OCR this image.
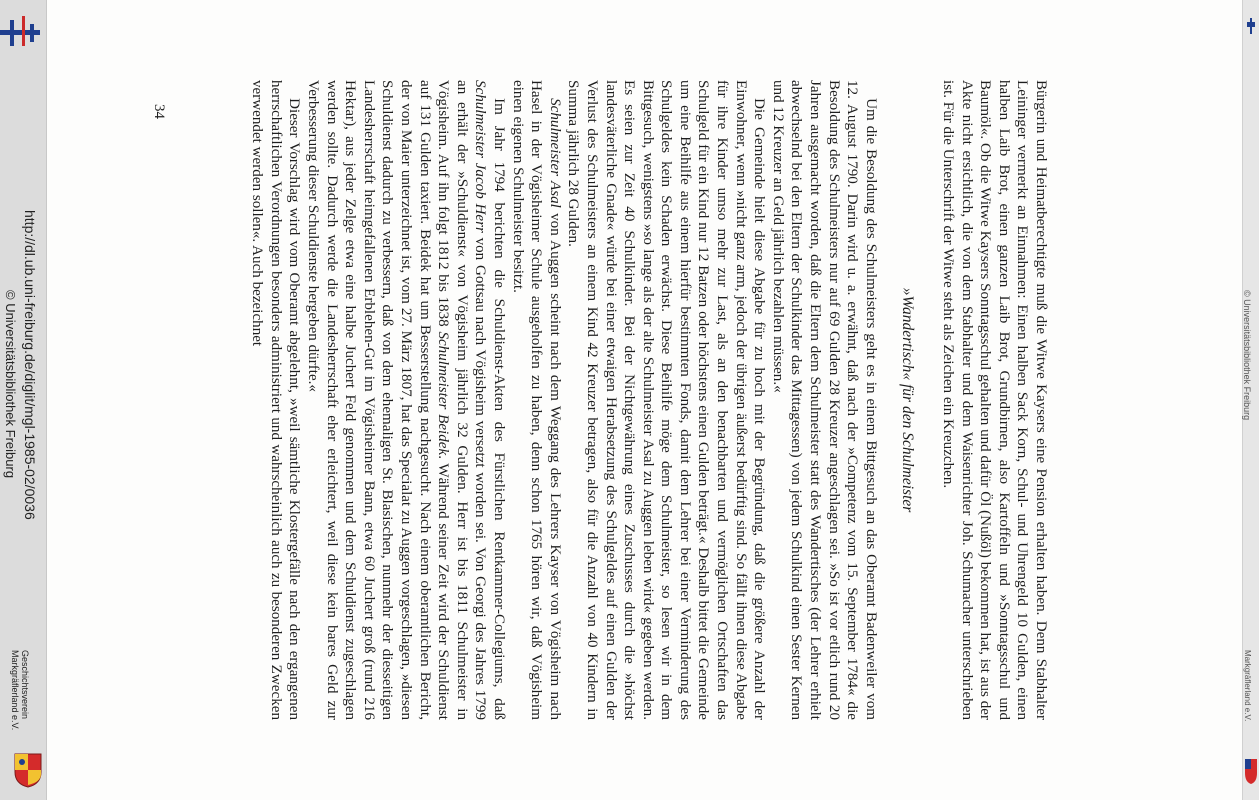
http://dl.ub.uni-freiburg.de/diglit/mgl-1985-02/0036
© Universitätsbibliothek Freiburg
Geschichtsverein
Markgräflerland e.V.
34	Bürgerin und Heimatberechtigte muß die Witwe Kaysers eine Pension erhalten haben. Denn Stabhalter Leininger vermerkt an Einnahmen: Einen halben Sack Korn, Schul- und Uhrengeld 10 Gulden, einen halben Laib Brot, einen ganzen Laib Brot, Grundbirnen, also Kartoffeln und »Sonntagsschul und Baumöl«. Ob die Witwe Kaysers Sonntagsschul gehalten und dafür Öl (Nußöl) bekommen hat, ist aus der Akte nicht ersichtlich, die von dem Stabhalter und dem Waisenrichter Joh. Schumacher unterschrieben ist. Für die Unterschrift der Witwe steht als Zeichen ein Kreuzchen.

»Wandertisch« für den Schulmeister

Um die Besoldung des Schulmeisters geht es in einem Bittgesuch an das Oberamt Badenweiler vom 12. August 1790. Darin wird u. a. erwähnt, daß nach der »Competenz vom 15. September 1784« die Besoldung des Schulmeisters nur auf 69 Gulden 28 Kreuzer angeschlagen sei. »So ist vor etlich rund 20 Jahren ausgemacht worden, daß die Eltern dem Schulmeister statt des Wandertisches (der Lehrer erhielt abwechselnd bei den Eltern der Schulkinder das Mittagessen) von jedem Schulkind einen Sester Kernen und 12 Kreuzer an Geld jährlich bezahlen müssen.«

Die Gemeinde hielt diese Abgabe für zu hoch mit der Begründung, daß die größere Anzahl der Einwohner, wenn »nicht ganz arm, jedoch der übrigen äußerst bedürftig sind. So fällt ihnen diese Abgabe für ihre Kinder umso mehr zur Last, als an den benachbarten und vermöglichen Ortschaften das Schulgeld für ein Kind nur 12 Batzen oder höchstens einen Gulden beträgt.« Deshalb bittet die Gemeinde um eine Beihilfe aus einem hierfür bestimmten Fonds, damit dem Lehrer bei einer Verminderung des Schulgeldes kein Schaden erwächst. Diese Beihilfe möge dem Schulmeister, so lesen wir in dem Bittgesuch, wenigstens »so lange als der alte Schulmeister Asal zu Auggen leben wird« gegeben werden. Es seien zur Zeit 40 Schulkinder. Bei der Nichtgewährung eines Zuschusses durch die »höchst landesväterliche Gnade« würde bei einer etwaigen Herabsetzung des Schulgeldes auf einen Gulden der Verlust des Schulmeisters an einem Kind 42 Kreuzer betragen, also für die Anzahl von 40 Kindern in Summa jährlich 28 Gulden.

Schulmeister Asal von Auggen scheint nach dem Weggang des Lehrers Kayser von Vögisheim nach Hasel in der Vögisheimer Schule ausgeholfen zu haben, denn schon 1765 hören wir, daß Vögisheim einen eigenen Schulmeister besitzt.

Im Jahr 1794 berichten die Schuldienst-Akten des Fürstlichen Rentkammer-Collegiums, daß Schulmeister Jacob Herr von Gottsau nach Vögisheim versetzt worden sei. Von Georgi des Jahres 1799 an erhält der »Schuldienst« von Vögisheim jährlich 32 Gulden. Herr ist bis 1811 Schulmeister in Vögisheim. Auf ihn folgt 1812 bis 1838 Schulmeister Beidek. Während seiner Zeit wird der Schuldienst auf 131 Gulden taxiert. Beidek hat um Besserstellung nachgesucht. Nach einem oberamtlichen Bericht, der von Maier unterzeichnet ist, vom 27. März 1807, hat das Specialat zu Auggen vorgeschlagen, »diesen Schuldienst dadurch zu verbessern, daß von dem ehemaligen St. Blasischen, nunmehr der diesseitigen Landesherrschaft heimgefallenen Erblehen-Gut im Vögisheimer Bann, etwa 60 Juchert groß (rund 216 Hektar), aus jeder Zelge etwa eine halbe Juchert Feld genommen und dem Schuldienst zugeschlagen werden sollte. Dadurch werde die Landesherrschaft eher erleichtert, weil diese kein bares Geld zur Verbesserung dieser Schuldienste hergeben dürfte.«

Dieser Vorschlag wird vom Oberamt abgelehnt, »weil sämtliche Klostergefälle nach den ergangenen herrschaftlichen Verordnungen besonders administriert und wahrscheinlich auch zu besonderen Zwecken verwendet werden sollen«. Auch bezeichnet

© Universitätsbibliothek Freiburg
Markgräflerland e.V.
